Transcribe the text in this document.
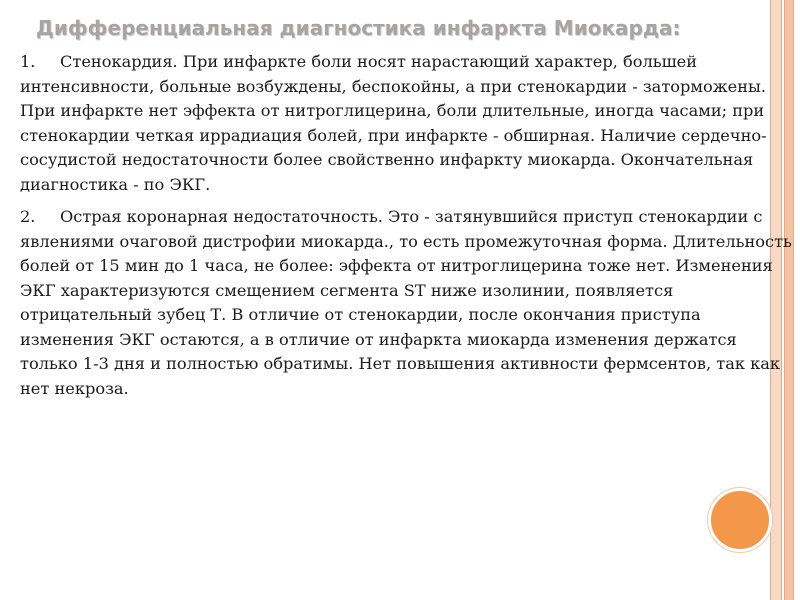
Дифференциальная диагностика инфаркта Миокарда:

1. Стенокардия. При инфаркте боли носят нарастающий характер, большей интенсивности, больные возбуждены, беспокойны, а при стенокардии - заторможены. При инфаркте нет эффекта от нитроглицерина, боли длительные, иногда часами; при стенокардии четкая иррадиация болей, при инфаркте - обширная. Наличие сердечно-сосудистой недостаточности более свойственно инфаркту миокарда. Окончательная диагностика - по ЭКГ.

2. Острая коронарная недостаточность. Это - затянувшийся приступ стенокардии с явлениями очаговой дистрофии миокарда., то есть промежуточная форма. Длительность болей от 15 мин до 1 часа, не более: эффекта от нитроглицерина тоже нет. Изменения ЭКГ характеризуются смещением сегмента ST ниже изолинии, появляется отрицательный зубец Т. В отличие от стенокардии, после окончания приступа изменения ЭКГ остаются, а в отличие от инфаркта миокарда изменения держатся только 1-3 дня и полностью обратимы. Нет повышения активности фермсентов, так как нет некроза.
